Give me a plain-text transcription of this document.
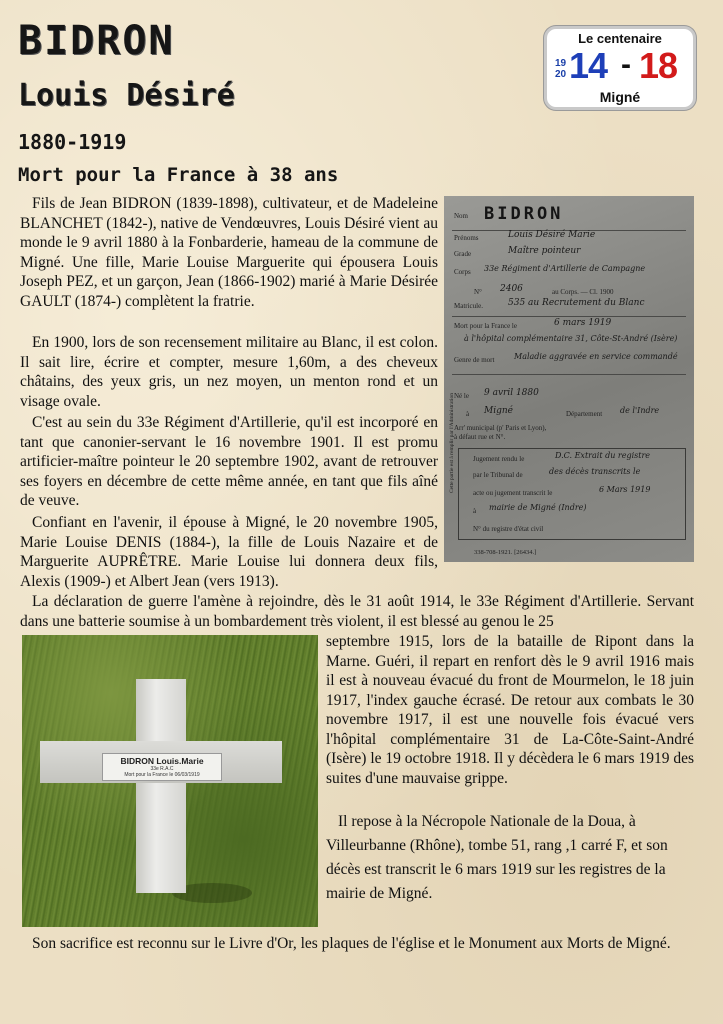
BIDRON
Louis Désiré
1880-1919
Mort pour la France à 38 ans
Le centenaire
19
20 14 - 18
Migné

Fils de Jean BIDRON (1839-1898), cultivateur, et de Madeleine BLANCHET (1842-), native de Vendœuvres, Louis Désiré vient au monde le 9 avril 1880 à la Fonbarderie, hameau de la commune de Migné. Une fille, Marie Louise Marguerite qui épousera Louis Joseph PEZ, et un garçon, Jean (1866-1902) marié à Marie Désirée GAULT (1874-) complètent la fratrie.

En 1900, lors de son recensement militaire au Blanc, il est colon. Il sait lire, écrire et compter, mesure 1,60m, a des cheveux châtains, des yeux gris, un nez moyen, un menton rond et un visage ovale.

C'est au sein du 33e Régiment d'Artillerie, qu'il est incorporé en tant que canonier-servant le 16 novembre 1901. Il est promu artificier-maître pointeur le 20 septembre 1902, avant de retrouver ses foyers en décembre de cette même année, en tant que fils aîné de veuve.

Confiant en l'avenir, il épouse à Migné, le 20 novembre 1905, Marie Louise DENIS (1884-), la fille de Louis Nazaire et de Marguerite AUPRÊTRE. Marie Louise lui donnera deux fils, Alexis (1909-) et Albert Jean (vers 1913).

La déclaration de guerre l'amène à rejoindre, dès le 31 août 1914, le 33e Régiment d'Artillerie. Servant dans une batterie soumise à un bombardement très violent, il est blessé au genou le 25

septembre 1915, lors de la bataille de Ripont dans la Marne. Guéri, il repart en renfort dès le 9 avril 1916 mais il est à nouveau évacué du front de Mourmelon, le 18 juin 1917, l'index gauche écrasé. De retour aux combats le 30 novembre 1917, il est une nouvelle fois évacué vers l'hôpital complémentaire 31 de La-Côte-Saint-André (Isère) le 19 octobre 1918. Il y décèdera le 6 mars 1919 des suites d'une mauvaise grippe.

Il repose à la Nécropole Nationale de la Doua, à Villeurbanne (Rhône), tombe 51, rang ,1 carré F, et son décès est transcrit le 6 mars 1919 sur les registres de la mairie de Migné.

Son sacrifice est reconnu sur le Livre d'Or, les plaques de l'église et le Monument aux Morts de Migné.

Nom BIDRON
Prénoms	Louis Désiré Marie
Grade	Maître pointeur
Corps 33e Régiment d'Artillerie de Campagne
N° 2406	au Corps. — Cl. 1900
Matricule.	535 au Recrutement du Blanc
Mort pour la France le	6 mars 1919
à l'hôpital complémentaire 31, Côte-St-André (Isère)
Genre de mort Maladie aggravée en service commandé
Né le 9 avril 1880
à Migné	Département de l'Indre
Arr' municipal (p' Paris et Lyon),
à défaut rue et N°.
Cette partie est à remplir par l'Administration	Jugement rendu le	D.C. Extrait du registre
par le Tribunal de	des décès transcrits le
acte ou jugement transcrit le	6 Mars 1919
à mairie de Migné (Indre)
N° du registre d'état civil
338-708-1921. [26434.]
BIDRON Louis.Marie
33e R.A.C
Mort pour la France le 06/03/1919
